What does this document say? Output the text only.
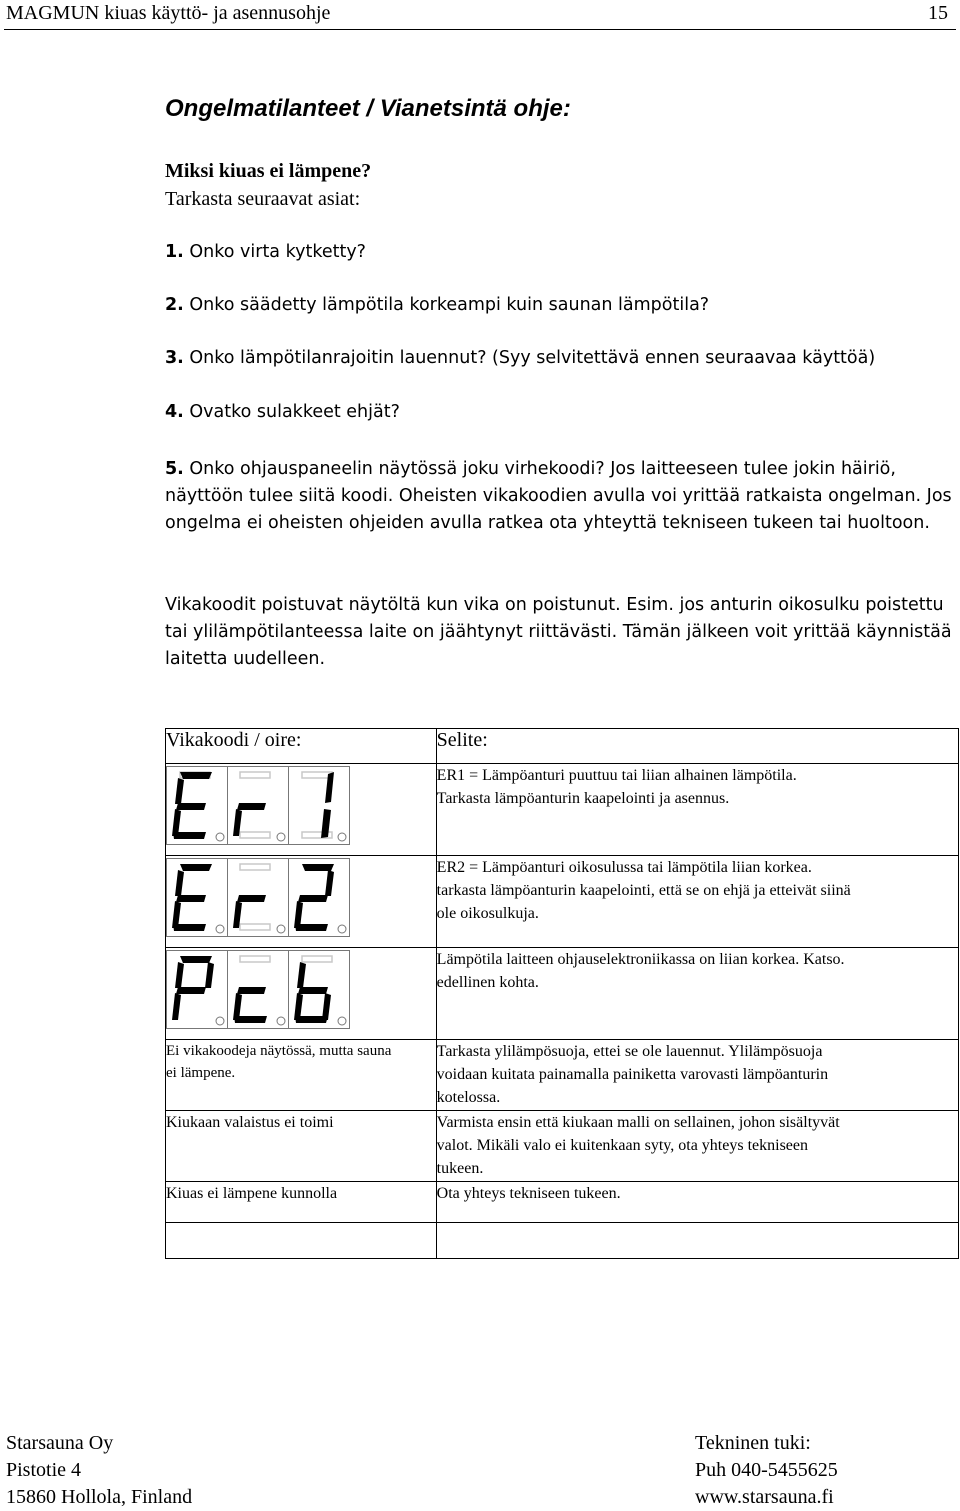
MAGMUN kiuas käyttö- ja asennusohje	15
Ongelmatilanteet / Vianetsintä ohje:
Miksi kiuas ei lämpene?
Tarkasta seuraavat asiat:
1. Onko virta kytketty?
2. Onko säädetty lämpötila korkeampi kuin saunan lämpötila?
3. Onko lämpötilanrajoitin lauennut? (Syy selvitettävä ennen seuraavaa käyttöä)
4. Ovatko sulakkeet ehjät?
5. Onko ohjauspaneelin näytössä joku virhekoodi? Jos laitteeseen tulee jokin häiriö, näyttöön tulee siitä koodi. Oheisten vikakoodien avulla voi yrittää ratkaista ongelman. Jos ongelma ei oheisten ohjeiden avulla ratkea ota yhteyttä tekniseen tukeen tai huoltoon.
Vikakoodit poistuvat näytöltä kun vika on poistunut. Esim. jos anturin oikosulku poistettu tai ylilämpötilanteessa laite on jäähtynyt riittävästi. Tämän jälkeen voit yrittää käynnistää laitetta uudelleen.
Vikakoodi / oire:	Selite:

ER1 = Lämpöanturi puuttuu tai liian alhainen lämpötila.
Tarkasta lämpöanturin kaapelointi ja asennus.

ER2 = Lämpöanturi oikosulussa tai lämpötila liian korkea.
tarkasta lämpöanturin kaapelointi, että se on ehjä ja etteivät siinä
ole oikosulkuja.

Lämpötila laitteen ohjauselektroniikassa on liian korkea. Katso.
edellinen kohta.

Ei vikakoodeja näytössä, mutta sauna
ei lämpene.	Tarkasta ylilämpösuoja, ettei se ole lauennut. Ylilämpösuoja
voidaan kuitata painamalla painiketta varovasti lämpöanturin
kotelossa.

Kiukaan valaistus ei toimi	Varmista ensin että kiukaan malli on sellainen, johon sisältyvät
valot. Mikäli valo ei kuitenkaan syty, ota yhteys tekniseen
tukeen.

Kiuas ei lämpene kunnolla	Ota yhteys tekniseen tukeen.

Starsauna Oy
Pistotie 4
15860 Hollola, Finland
Tekninen tuki:
Puh 040-5455625
www.starsauna.fi
